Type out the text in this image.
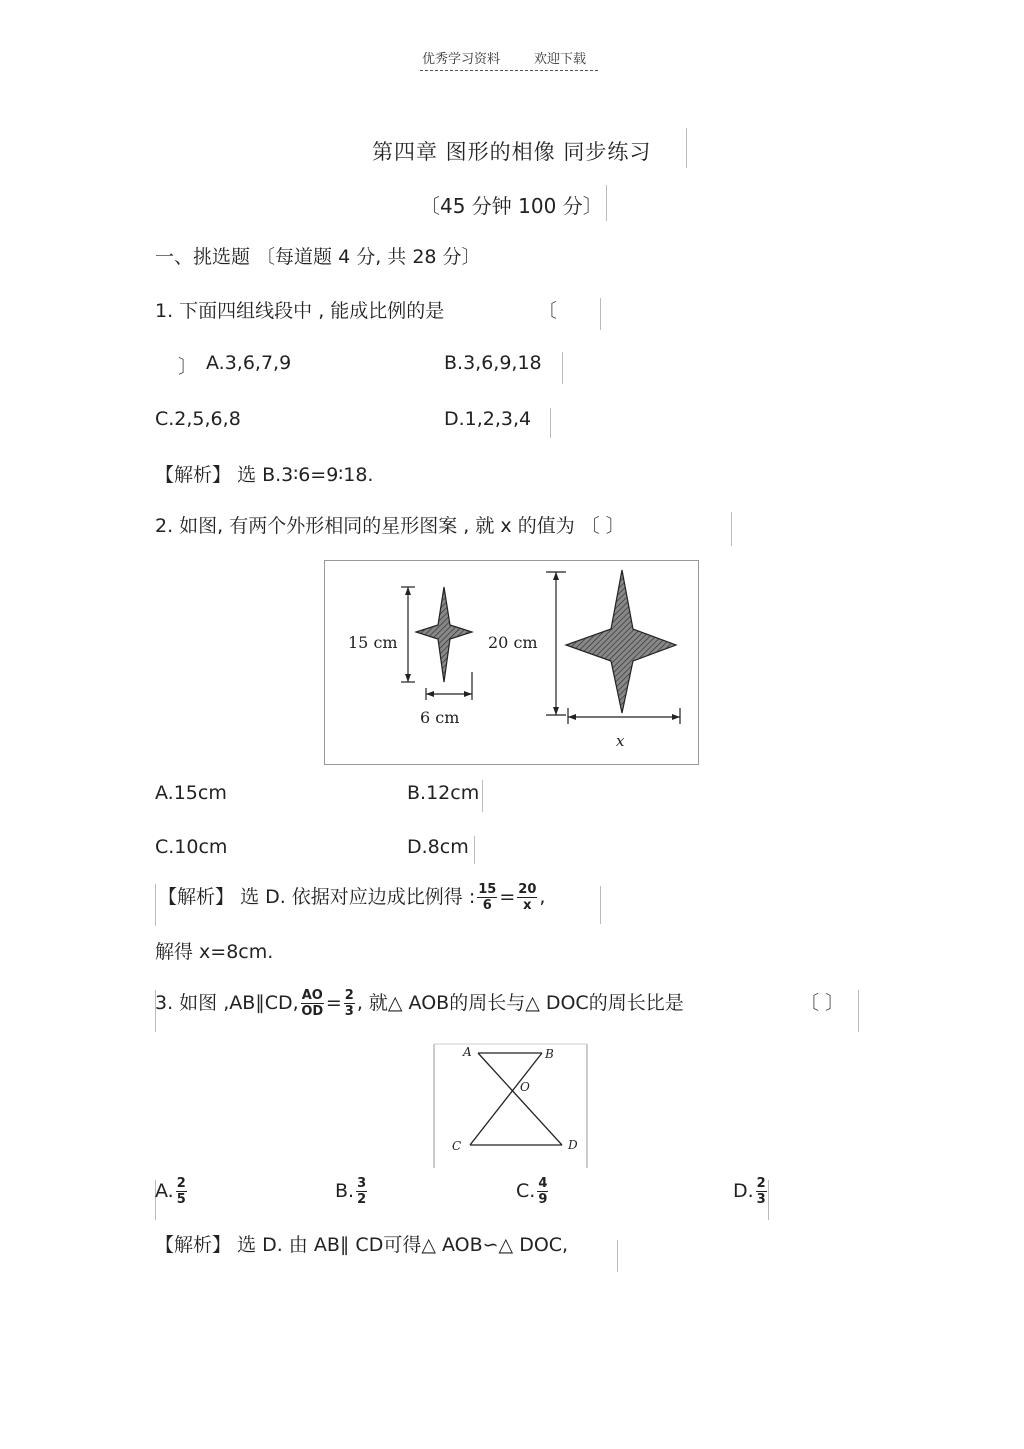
优秀学习资料	欢迎下载
第四章 图形的相像 同步练习
〔45 分钟 100 分〕
一、挑选题 〔每道题 4 分, 共 28 分〕
1. 下面四组线段中 , 能成比例的是	〔
〕 A.3,6,7,9	B.3,6,9,18
C.2,5,6,8	D.1,2,3,4
【解析】 选 B.3∶6=9∶18.
2. 如图, 有两个外形相同的星形图案 , 就 x 的值为 〔 〕
15 cm
6 cm
20 cm
x
A.15cm	B.12cm
C.10cm	D.8cm
【解析】 选 D. 依据对应边成比例得 : $\frac{15}{6} = \frac{20}{x}$ ,
解得 x=8cm.
3. 如图 ,AB∥CD, $\frac{AO}{OD} = \frac{2}{3}$ , 就△ AOB的周长与△ DOC的周长比是	〔 〕
A	B
O
C	D
A. $\frac{2}{5}$	B. $\frac{3}{2}$	C. $\frac{4}{9}$	D. $\frac{2}{3}$
【解析】 选 D. 由 AB∥ CD可得△ AOB∽△ DOC,
